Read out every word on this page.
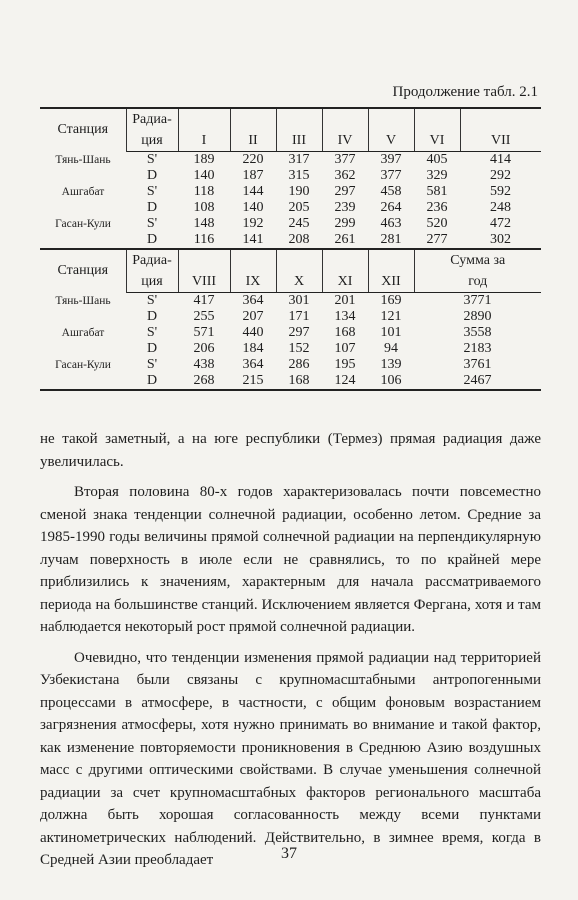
Продолжение табл. 2.1
Станция	Радиа-							
	ция	I	II	III	IV	V	VI	VII
Тянь-Шань	S'	189	220	317	377	397	405	414
	D	140	187	315	362	377	329	292
Ашгабат	S'	118	144	190	297	458	581	592
	D	108	140	205	239	264	236	248
Гасан-Кули	S'	148	192	245	299	463	520	472
	D	116	141	208	261	281	277	302
Станция	Радиа-						Сумма за	
	ция	VIII	IX	X	XI	XII	год	
Тянь-Шань	S'	417	364	301	201	169	3771	
	D	255	207	171	134	121	2890	
Ашгабат	S'	571	440	297	168	101	3558	
	D	206	184	152	107	94	2183	
Гасан-Кули	S'	438	364	286	195	139	3761	
	D	268	215	168	124	106	2467	

не такой заметный, а на юге республики (Термез) прямая радиация даже увеличилась.

Вторая половина 80-х годов характеризовалась почти повсеместно сменой знака тенденции солнечной радиации, особенно летом. Средние за 1985-1990 годы величины прямой солнечной радиации на перпендикулярную лучам поверхность в июле если не сравнялись, то по крайней мере приблизились к значениям, характерным для начала рассматриваемого периода на большинстве станций. Исключением является Фергана, хотя и там наблюдается некоторый рост прямой солнечной радиации.

Очевидно, что тенденции изменения прямой радиации над территорией Узбекистана были связаны с крупномасштабными антропогенными процессами в атмосфере, в частности, с общим фоновым возрастанием загрязнения атмосферы, хотя нужно принимать во внимание и такой фактор, как изменение повторяемости проникновения в Среднюю Азию воздушных масс с другими оптическими свойствами. В случае уменьшения солнечной радиации за счет крупномасштабных факторов регионального масштаба должна быть хорошая согласованность между всеми пунктами актинометрических наблюдений. Действительно, в зимнее время, когда в Средней Азии преобладает	37
